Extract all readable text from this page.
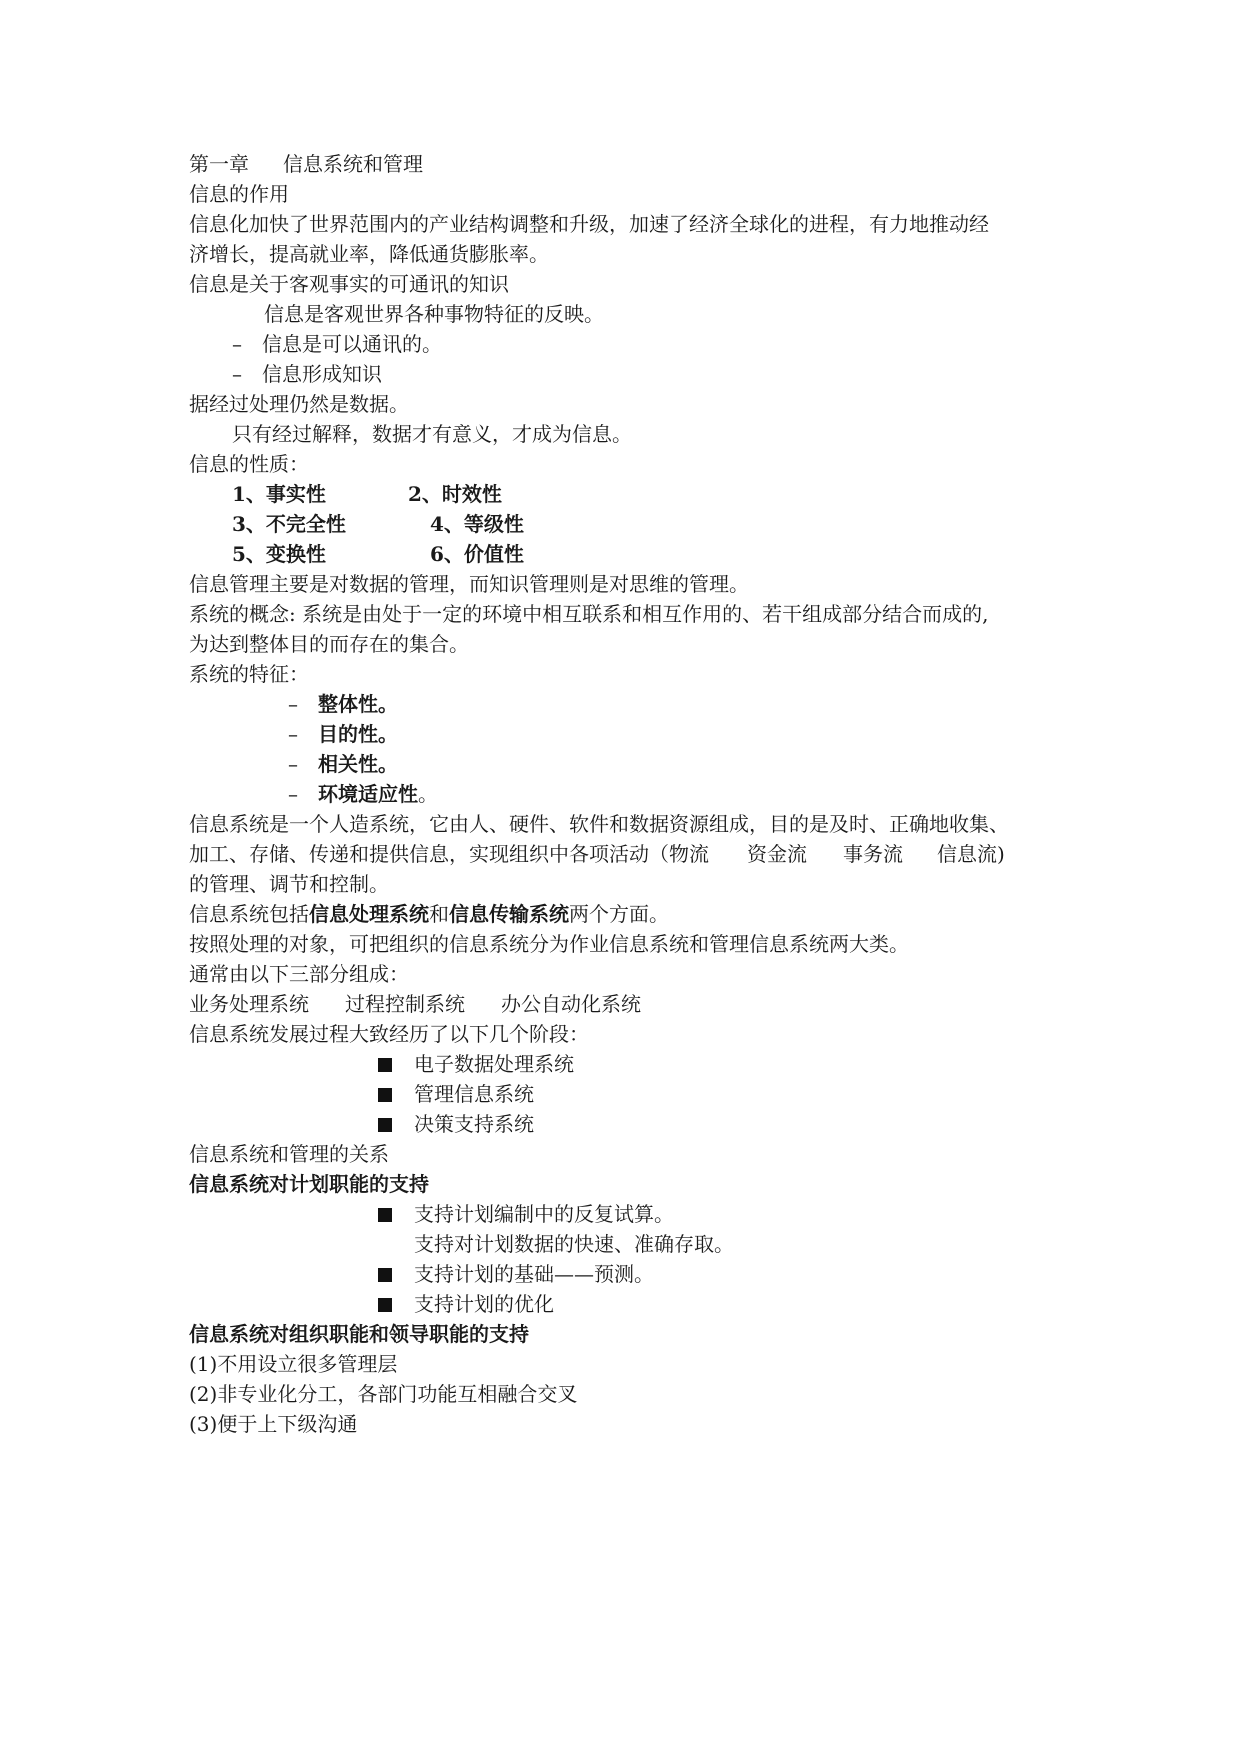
第一章 信息系统和管理
信息的作用
信息化加快了世界范围内的产业结构调整和升级，加速了经济全球化的进程，有力地推动经
济增长，提高就业率，降低通货膨胀率。
信息是关于客观事实的可通讯的知识
信息是客观世界各种事物特征的反映。
– 信息是可以通讯的。
– 信息形成知识
据经过处理仍然是数据。
只有经过解释，数据才有意义，才成为信息。
信息的性质：
1、事实性	2、时效性
3、不完全性	4、等级性
5、变换性	6、价值性
信息管理主要是对数据的管理，而知识管理则是对思维的管理。
系统的概念: 系统是由处于一定的环境中相互联系和相互作用的、若干组成部分结合而成的,
为达到整体目的而存在的集合。
系统的特征：
– 整体性。
– 目的性。
– 相关性。
– 环境适应性。
信息系统是一个人造系统，它由人、硬件、软件和数据资源组成，目的是及时、正确地收集、
加工、存储、传递和提供信息，实现组织中各项活动（物流 资金流 事务流 信息流)
的管理、调节和控制。
信息系统包括信息处理系统和信息传输系统两个方面。
按照处理的对象，可把组织的信息系统分为作业信息系统和管理信息系统两大类。
通常由以下三部分组成：
业务处理系统 过程控制系统 办公自动化系统
信息系统发展过程大致经历了以下几个阶段：
电子数据处理系统
管理信息系统
决策支持系统
信息系统和管理的关系
信息系统对计划职能的支持
支持计划编制中的反复试算。
支持对计划数据的快速、准确存取。
支持计划的基础——预测。
支持计划的优化
信息系统对组织职能和领导职能的支持
(1)不用设立很多管理层
(2)非专业化分工，各部门功能互相融合交叉
(3)便于上下级沟通
